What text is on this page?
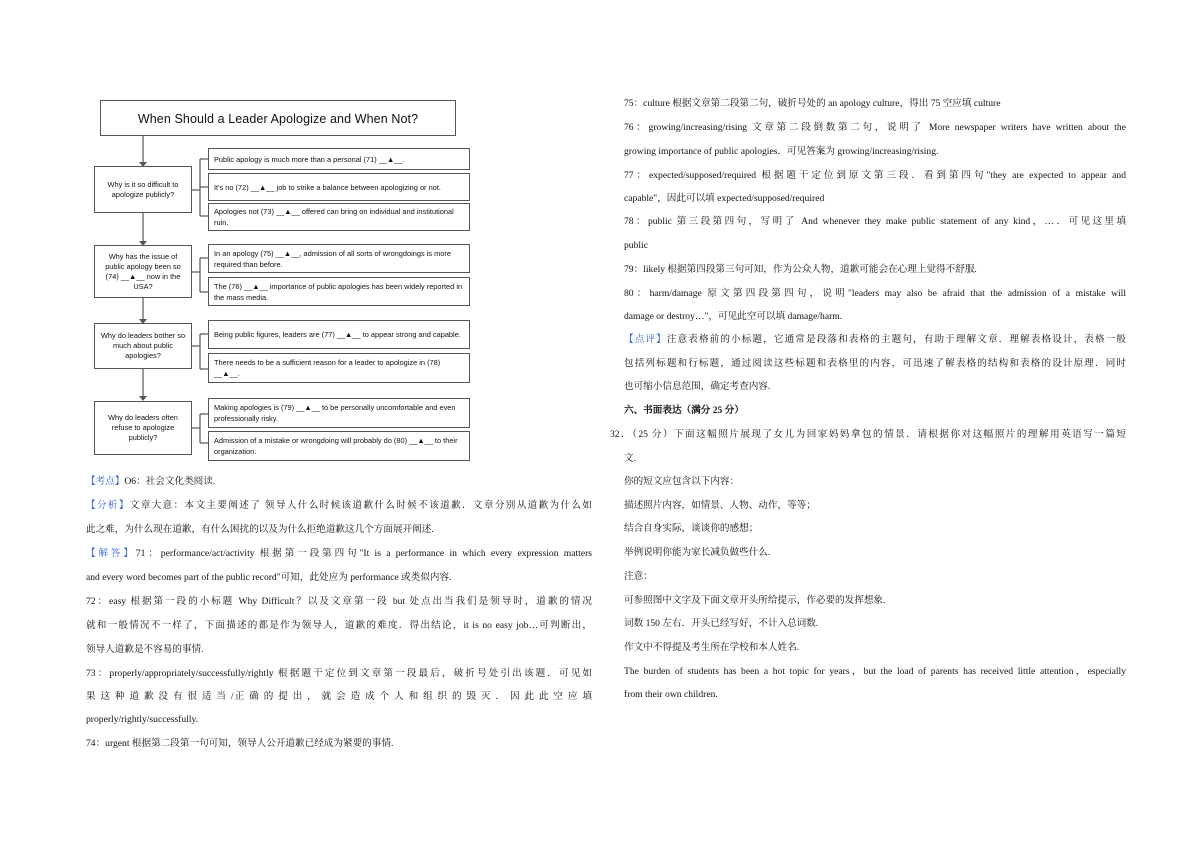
When Should a Leader Apologize and When Not?
Why is it so difficult to apologize publicly?
Why has the issue of public apology been so (74) __▲__ now in the USA?
Why do leaders bother so much about public apologies?
Why do leaders often refuse to apologize publicly?
Public apology is much more than a personal (71) __▲__.
It's no (72) __▲__ job to strike a balance between apologizing or not.
Apologies not (73) __▲__ offered can bring on individual and institutional ruin.
In an apology (75) __▲__, admission of all sorts of wrongdoings is more required than before.
The (76) __▲__ importance of public apologies has been widely reported in the mass media.
Being public figures, leaders are (77) __▲__ to appear strong and capable.
There needs to be a sufficient reason for a leader to apologize in (78) __▲__.
Making apologies is (79) __▲__ to be personally uncomfortable and even professionally risky.
Admission of a mistake or wrongdoing will probably do (80) __▲__ to their organization.
【考点】O6：社会文化类阅读.
【分析】文章大意：本文主要阐述了 领导人什么时候该道歉什么时候不该道歉．文章分别从道歉为什么如
此之难，为什么现在道歉，有什么困扰的以及为什么拒绝道歉这几个方面展开阐述.
【解答】71：performance/act/activity 根据第一段第四句"It is a performance in which every expression matters
and every word becomes part of the public record"可知，此处应为 performance 或类似内容.
72：easy 根据第一段的小标题 Why Difficult？以及文章第一段 but 处点出当我们是领导时，道歉的情况
就和一般情况不一样了，下面描述的都是作为领导人，道歉的难度．得出结论，it is no easy job…可判断出，
领导人道歉是不容易的事情.
73：properly/appropriately/successfully/rightly 根据题干定位到文章第一段最后，破折号处引出该题．可见如
果 这 种 道 歉 没 有 很 适 当 /正 确 的 提 出 ， 就 会 造 成 个 人 和 组 织 的 毁 灭 ． 因 此 此 空 应 填
properly/rightly/successfully.
74：urgent 根据第二段第一句可知，领导人公开道歉已经成为紧要的事情.
75：culture 根据文章第二段第二句，破折号处的 an apology culture，得出 75 空应填 culture
76：growing/increasing/rising 文章第二段倒数第二句，说明了 More newspaper writers have written about the
growing importance of public apologies．可见答案为 growing/increasing/rising.
77：expected/supposed/required 根据题干定位到原文第三段．看到第四句"they are expected to appear and
capable"，因此可以填 expected/supposed/required
78：public 第三段第四句，写明了 And whenever they make public statement of any kind，…．可见这里填
public
79：likely 根据第四段第三句可知，作为公众人物，道歉可能会在心理上觉得不舒服.
80：harm/damage 原文第四段第四句，说明"leaders may also be afraid that the admission of a mistake will
damage or destroy…"，可见此空可以填 damage/harm.
【点评】注意表格前的小标题，它通常是段落和表格的主题句，有助于理解文章．理解表格设计，表格一般
包括列标题和行标题，通过阅读这些标题和表格里的内容，可迅速了解表格的结构和表格的设计原理．同时
也可缩小信息范围，确定考查内容.
六、书面表达（满分 25 分）
32．（25 分）下面这幅照片展现了女儿为回家妈妈拿包的情景．请根据你对这幅照片的理解用英语写一篇短
文.
你的短文应包含以下内容：
描述照片内容，如情景、人物、动作，等等；
结合自身实际，谈谈你的感想；
举例说明你能为家长减负做些什么.
注意：
可参照图中文字及下面文章开头所给提示，作必要的发挥想象.
词数 150 左右．开头已经写好，不计入总词数.
作文中不得提及考生所在学校和本人姓名.
The burden of students has been a hot topic for years，but the load of parents has received little attention，especially
from their own children.
